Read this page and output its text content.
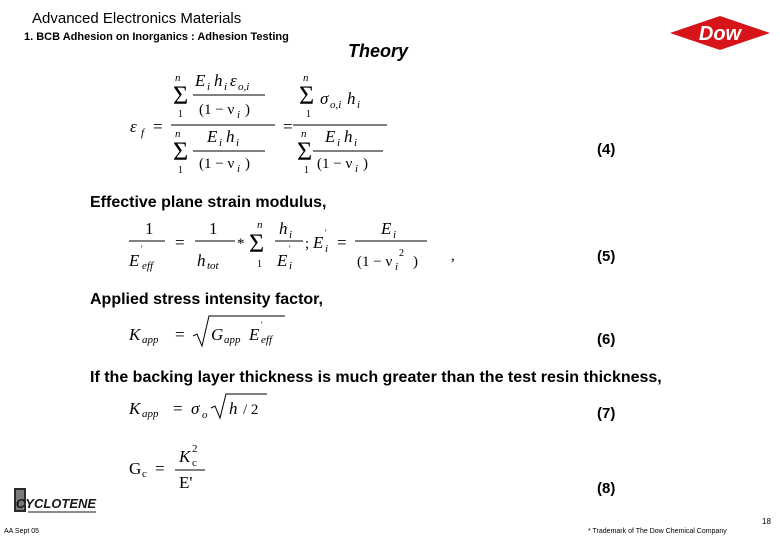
Advanced Electronics Materials
1. BCB Adhesion on Inorganics : Adhesion Testing
Theory
Dow
ε f =
n
Σ
1
E i h i ε o,i
(1 − ν i )
n
Σ
1
E i h i
(1 − ν i )
=
n
Σ
1
σ o,i h i
n
Σ
1
E i h i
(1 − ν i )
(4)
Effective plane strain modulus,
1
E
'
eff
=
1
h tot
*
n
Σ
1
h i
E
'
i
; E '
i =
E i
(1 − ν i
2
) ,	(5)
Applied stress intensity factor,
K app = G app E '
eff	(6)
If the backing layer thickness is much greater than the test resin thickness,
K app = σ o h / 2	(7)
G c =
K c
2
E'	(8)
CYCLOTENE
18
AA Sept 05	* Trademark of The Dow Chemical Company
